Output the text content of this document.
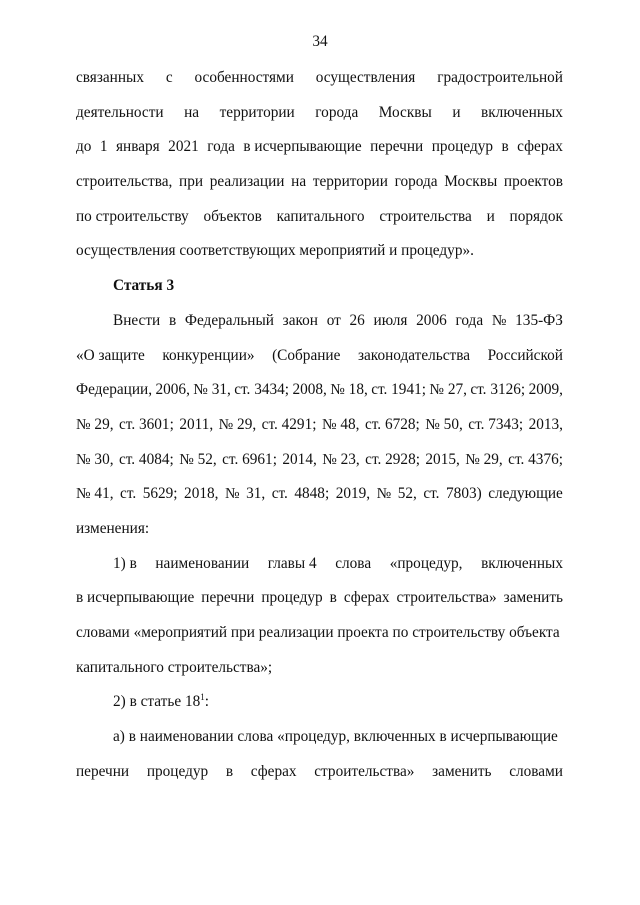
34
связанных с особенностями осуществления градостроительной
деятельности на территории города Москвы и включенных
до 1 января 2021 года в исчерпывающие перечни процедур в сферах
строительства, при реализации на территории города Москвы проектов
по строительству объектов капитального строительства и порядок
осуществления соответствующих мероприятий и процедур».
Статья 3
Внести в Федеральный закон от 26 июля 2006 года № 135-ФЗ
«О защите конкуренции» (Собрание законодательства Российской
Федерации, 2006, № 31, ст. 3434; 2008, № 18, ст. 1941; № 27, ст. 3126; 2009,
№ 29, ст. 3601; 2011, № 29, ст. 4291; № 48, ст. 6728; № 50, ст. 7343; 2013,
№ 30, ст. 4084; № 52, ст. 6961; 2014, № 23, ст. 2928; 2015, № 29, ст. 4376;
№ 41, ст. 5629; 2018, № 31, ст. 4848; 2019, № 52, ст. 7803) следующие
изменения:
1) в наименовании главы 4 слова «процедур, включенных
в исчерпывающие перечни процедур в сферах строительства» заменить
словами «мероприятий при реализации проекта по строительству объекта
капитального строительства»;
2) в статье $18^1$:
а) в наименовании слова «процедур, включенных в исчерпывающие
перечни процедур в сферах строительства» заменить словами
